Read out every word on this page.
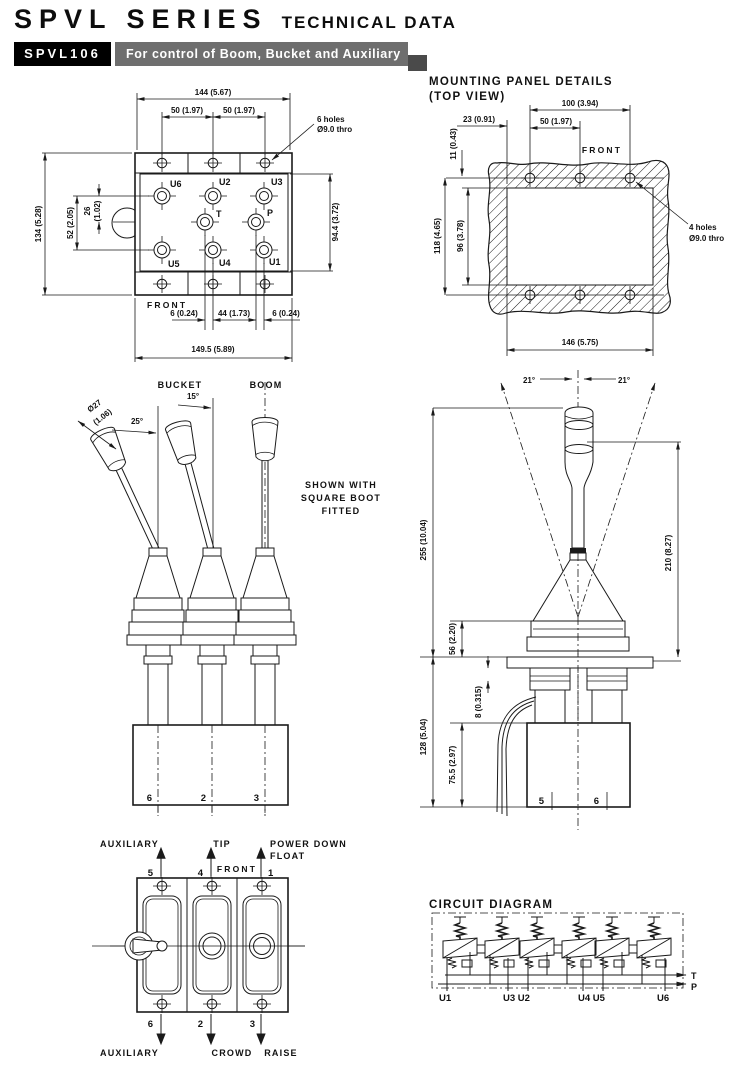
SPVL SERIES TECHNICAL DATA
SPVL106	For control of Boom, Bucket and Auxiliary
U6	U2	U3
T	P
U5	U4	U1
144 (5.67)
50 (1.97) 50 (1.97)
6 holes
Ø9.0 thro
134 (5.28)	52 (2.05) 26 (1.02)	94.4 (3.72)
FRONT
6 (0.24)	44 (1.73)	6 (0.24)
149.5 (5.89)
MOUNTING PANEL DETAILS
(TOP VIEW)
100 (3.94)
50 (1.97)
23 (0.91)
11 (0.43)	FRONT
118 (4.65) 96 (3.78)
146 (5.75)
4 holes
Ø9.0 thro
BUCKET	BOOM
15°
25°
Ø27
(1.06)
SHOWN WITH
SQUARE BOOT
FITTED
6	2	3
21°	21°
255 (10.04)
128 (5.04)
210 (8.27)
56 (2.20)
8 (0.315)
75.5 (2.97)
5	6
AUXILIARY	TIP	POWER DOWN
FLOAT
FRONT
5	4	1
6	2	3
AUXILIARY	CROWD RAISE
CIRCUIT DIAGRAM
T
P
U1	U3 U2	U4 U5	U6
